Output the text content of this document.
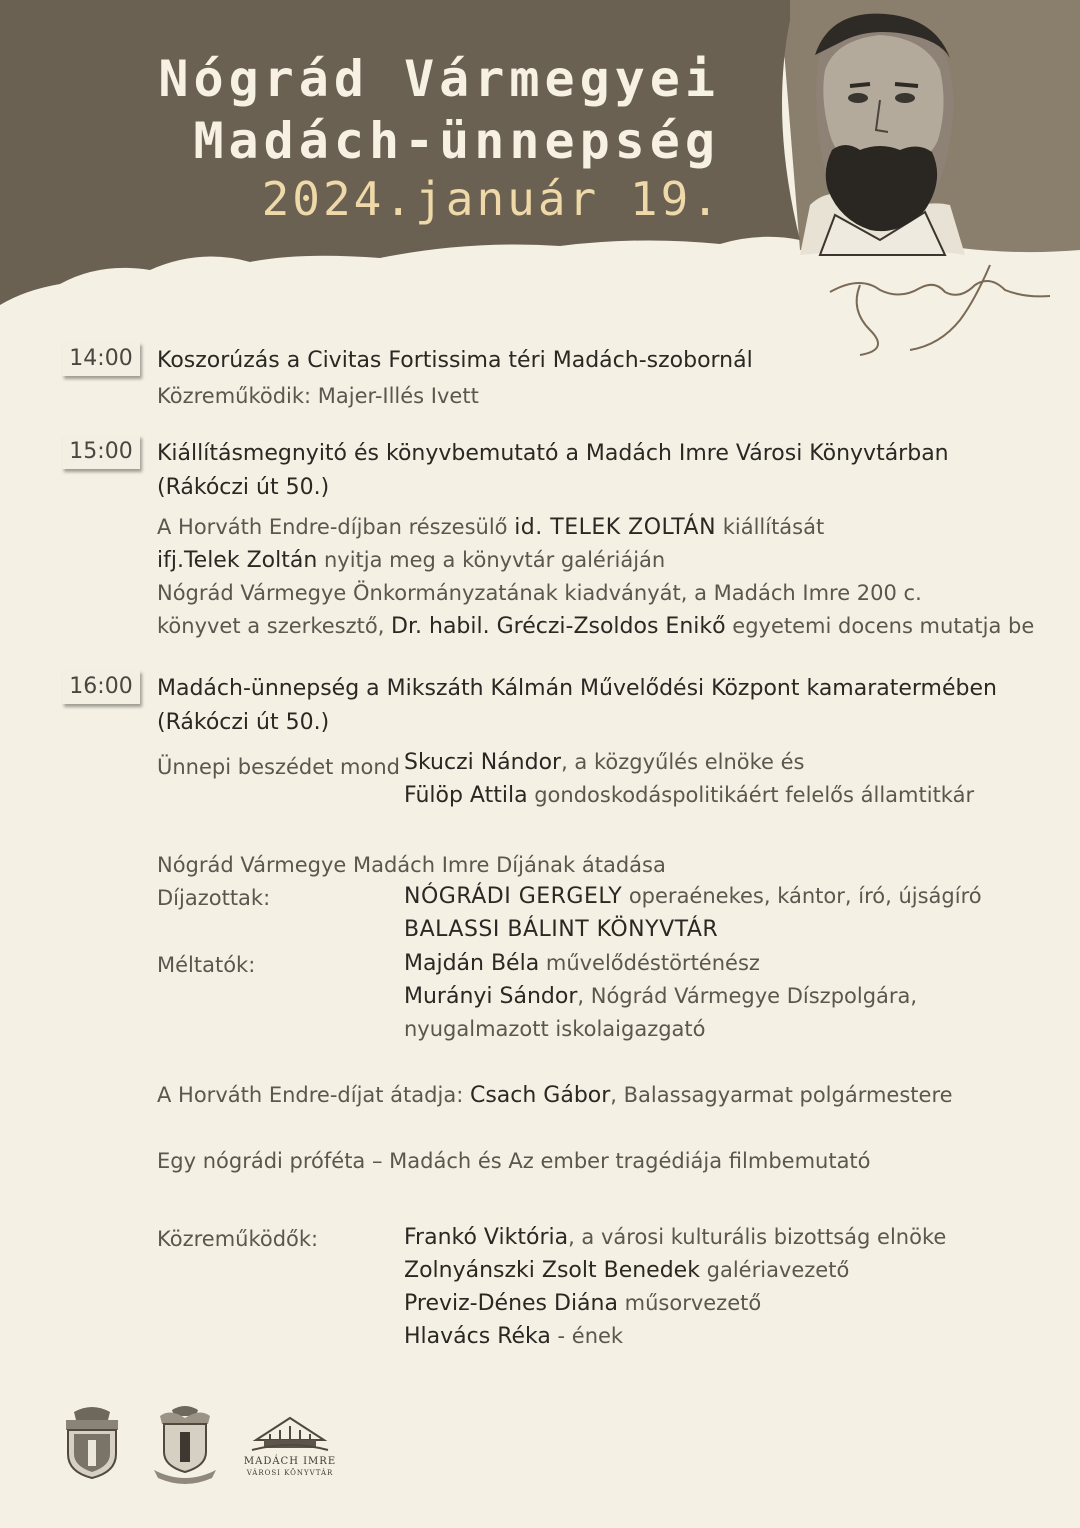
Nógrád Vármegyei
Madách-ünnepség
2024.január 19.
14:00	Koszorúzás a Civitas Fortissima téri Madách-szobornál
Közreműködik: Majer-Illés Ivett
15:00	Kiállításmegnyitó és könyvbemutató a Madách Imre Városi Könyvtárban
(Rákóczi út 50.)
A Horváth Endre-díjban részesülő id. TELEK ZOLTÁN kiállítását
ifj.Telek Zoltán nyitja meg a könyvtár galériáján
Nógrád Vármegye Önkormányzatának kiadványát, a Madách Imre 200 c.
könyvet a szerkesztő, Dr. habil. Gréczi-Zsoldos Enikő egyetemi docens mutatja be
16:00	Madách-ünnepség a Mikszáth Kálmán Művelődési Központ kamaratermében
(Rákóczi út 50.)
Ünnepi beszédet mond Skuczi Nándor, a közgyűlés elnöke és
Fülöp Attila gondoskodáspolitikáért felelős államtitkár
Nógrád Vármegye Madách Imre Díjának átadása
Díjazottak:	NÓGRÁDI GERGELY operaénekes, kántor, író, újságíró
BALASSI BÁLINT KÖNYVTÁR
Méltatók:	Majdán Béla művelődéstörténész
Murányi Sándor, Nógrád Vármegye Díszpolgára,
nyugalmazott iskolaigazgató
A Horváth Endre-díjat átadja: Csach Gábor, Balassagyarmat polgármestere
Egy nógrádi próféta – Madách és Az ember tragédiája filmbemutató
Közreműködők:	Frankó Viktória, a városi kulturális bizottság elnöke
Zolnyánszki Zsolt Benedek galériavezető
Previz-Dénes Diána műsorvezető
Hlavács Réka - ének
MADÁCH IMRE
VÁROSI KÖNYVTÁR
